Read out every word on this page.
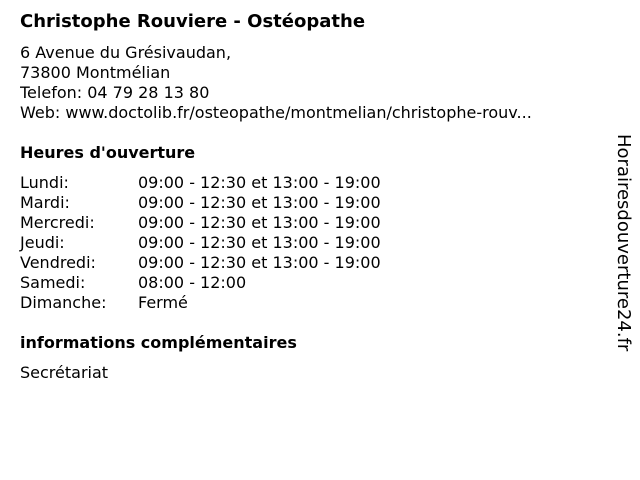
Christophe Rouviere - Ostéopathe
6 Avenue du Grésivaudan,
73800 Montmélian
Telefon: 04 79 28 13 80
Web: www.doctolib.fr/osteopathe/montmelian/christophe-rouv...
Heures d'ouverture
Lundi:	09:00 - 12:30 et 13:00 - 19:00
Mardi:	09:00 - 12:30 et 13:00 - 19:00
Mercredi:	09:00 - 12:30 et 13:00 - 19:00
Jeudi:	09:00 - 12:30 et 13:00 - 19:00
Vendredi:	09:00 - 12:30 et 13:00 - 19:00
Samedi:	08:00 - 12:00
Dimanche:	Fermé
informations complémentaires
Secrétariat
Horairesdouverture24.fr
